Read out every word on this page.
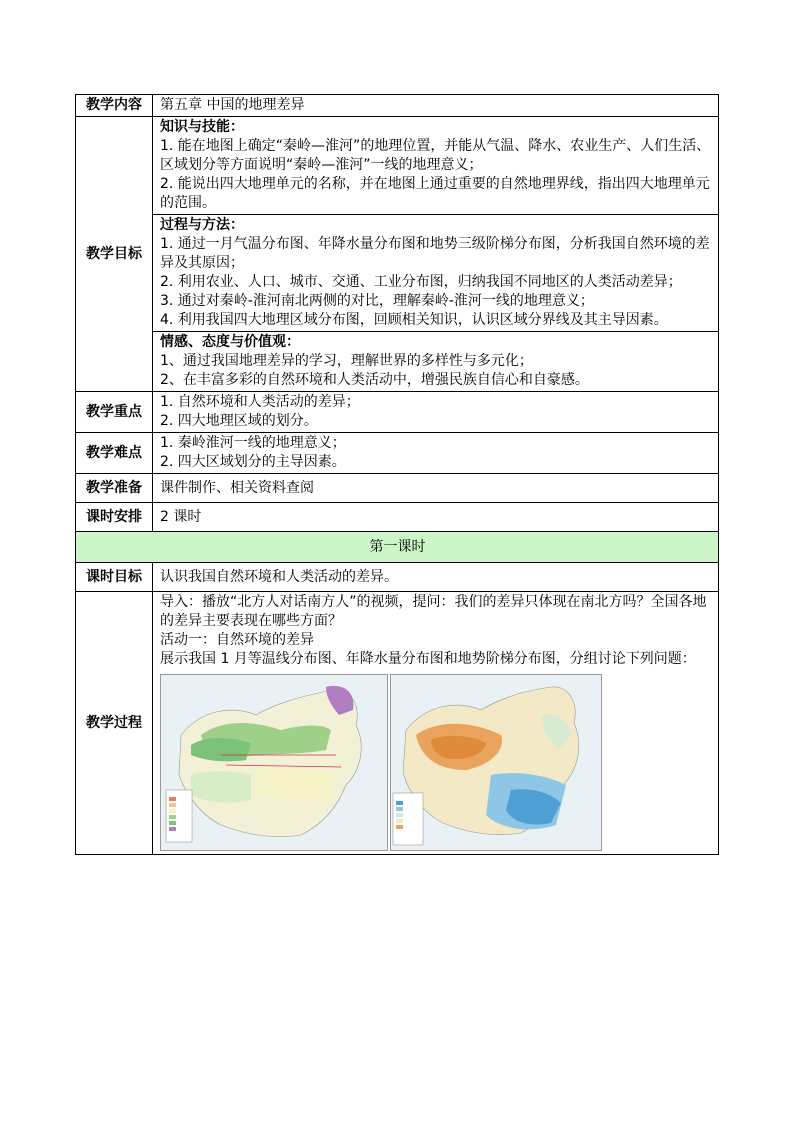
教学内容	第五章 中国的地理差异
教学目标	知识与技能：
1. 能在地图上确定“秦岭—淮河”的地理位置，并能从气温、降水、农业生产、人们生活、区域划分等方面说明“秦岭—淮河”一线的地理意义；
2. 能说出四大地理单元的名称，并在地图上通过重要的自然地理界线，指出四大地理单元的范围。

	过程与方法：
1. 通过一月气温分布图、年降水量分布图和地势三级阶梯分布图，分析我国自然环境的差异及其原因；
2. 利用农业、人口、城市、交通、工业分布图，归纳我国不同地区的人类活动差异；
3. 通过对秦岭-淮河南北两侧的对比，理解秦岭-淮河一线的地理意义；
4. 利用我国四大地理区域分布图，回顾相关知识，认识区域分界线及其主导因素。

	情感、态度与价值观：
1、通过我国地理差异的学习，理解世界的多样性与多元化；
2、在丰富多彩的自然环境和人类活动中，增强民族自信心和自豪感。

教学重点	1. 自然环境和人类活动的差异；
2. 四大地理区域的划分。

教学难点	1. 秦岭淮河一线的地理意义；
2. 四大区域划分的主导因素。

教学准备	课件制作、相关资料查阅
课时安排	2 课时
第一课时	
课时目标	认识我国自然环境和人类活动的差异。
教学过程	导入：播放“北方人对话南方人”的视频，提问：我们的差异只体现在南北方吗？全国各地的差异主要表现在哪些方面？
活动一：自然环境的差异
展示我国 1 月等温线分布图、年降水量分布图和地势阶梯分布图，分组讨论下列问题：
